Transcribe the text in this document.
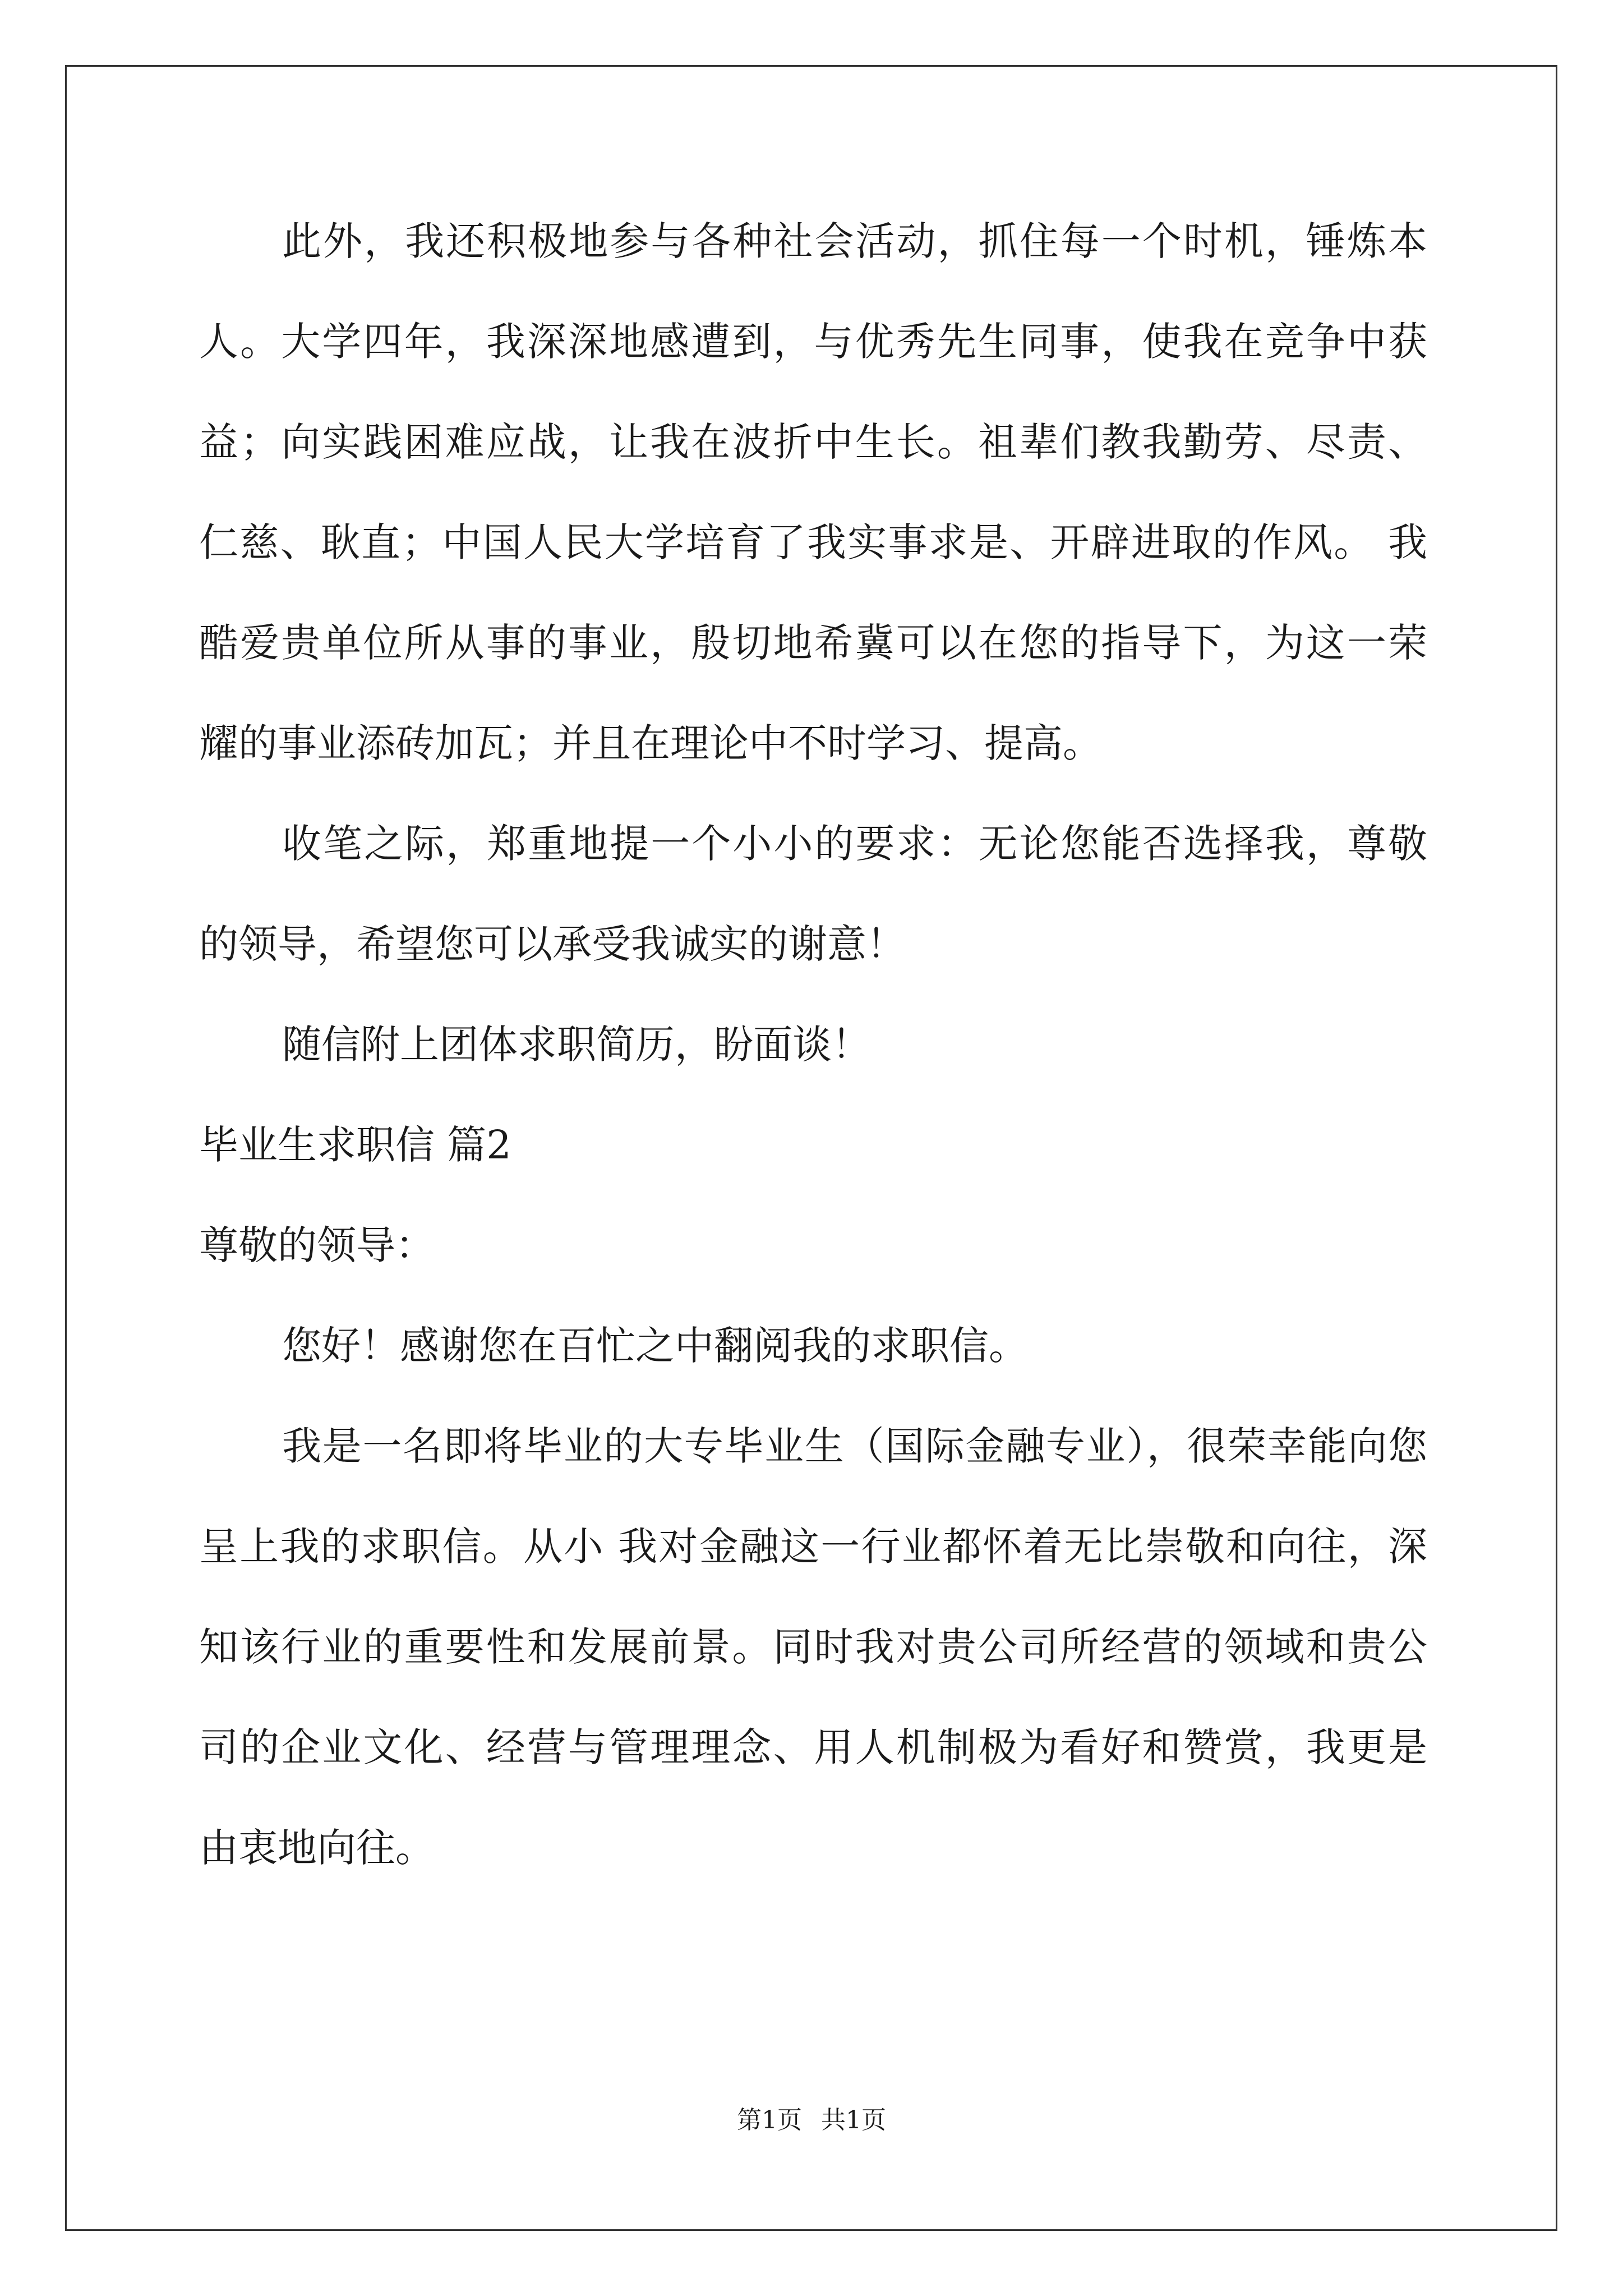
此外，我还积极地参与各种社会活动，抓住每一个时机，锤炼本
人。大学四年，我深深地感遭到，与优秀先生同事，使我在竞争中获
益；向实践困难应战，让我在波折中生长。祖辈们教我勤劳、尽责、
仁慈、耿直；中国人民大学培育了我实事求是、开辟进取的作风。 我
酷爱贵单位所从事的事业，殷切地希冀可以在您的指导下，为这一荣
耀的事业添砖加瓦；并且在理论中不时学习、提高。
收笔之际，郑重地提一个小小的要求：无论您能否选择我，尊敬
的领导，希望您可以承受我诚实的谢意！
随信附上团体求职简历，盼面谈！
毕业生求职信 篇2
尊敬的领导：
您好！感谢您在百忙之中翻阅我的求职信。
我是一名即将毕业的大专毕业生（国际金融专业），很荣幸能向您
呈上我的求职信。从小 我对金融这一行业都怀着无比崇敬和向往，深
知该行业的重要性和发展前景。同时我对贵公司所经营的领域和贵公
司的企业文化、经营与管理理念、用人机制极为看好和赞赏，我更是
由衷地向往。
第1页 共1页
